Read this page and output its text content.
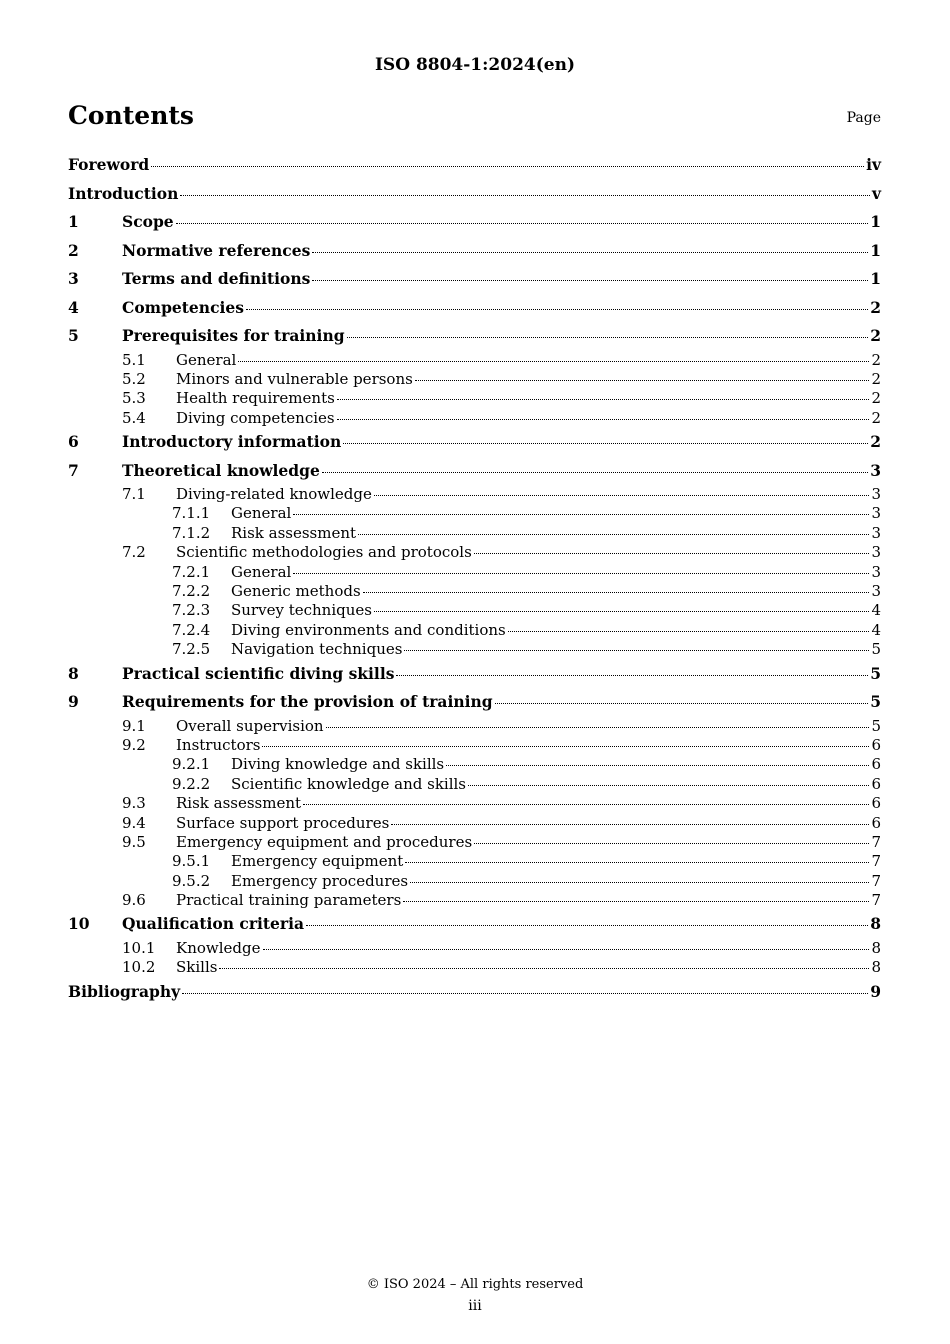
ISO 8804-1:2024(en)
Contents	Page
Foreword	iv
Introduction	v
1	Scope	1
2	Normative references	1
3	Terms and definitions	1
4	Competencies	2
5	Prerequisites for training	2
5.1	General	2
5.2	Minors and vulnerable persons	2
5.3	Health requirements	2
5.4	Diving competencies	2
6	Introductory information	2
7	Theoretical knowledge	3
7.1	Diving-related knowledge	3
7.1.1	General	3
7.1.2	Risk assessment	3
7.2	Scientific methodologies and protocols	3
7.2.1	General	3
7.2.2	Generic methods	3
7.2.3	Survey techniques	4
7.2.4	Diving environments and conditions	4
7.2.5	Navigation techniques	5
8	Practical scientific diving skills	5
9	Requirements for the provision of training	5
9.1	Overall supervision	5
9.2	Instructors	6
9.2.1	Diving knowledge and skills	6
9.2.2	Scientific knowledge and skills	6
9.3	Risk assessment	6
9.4	Surface support procedures	6
9.5	Emergency equipment and procedures	7
9.5.1	Emergency equipment	7
9.5.2	Emergency procedures	7
9.6	Practical training parameters	7
10	Qualification criteria	8
10.1	Knowledge	8
10.2	Skills	8
Bibliography	9
© ISO 2024 – All rights reserved
iii
